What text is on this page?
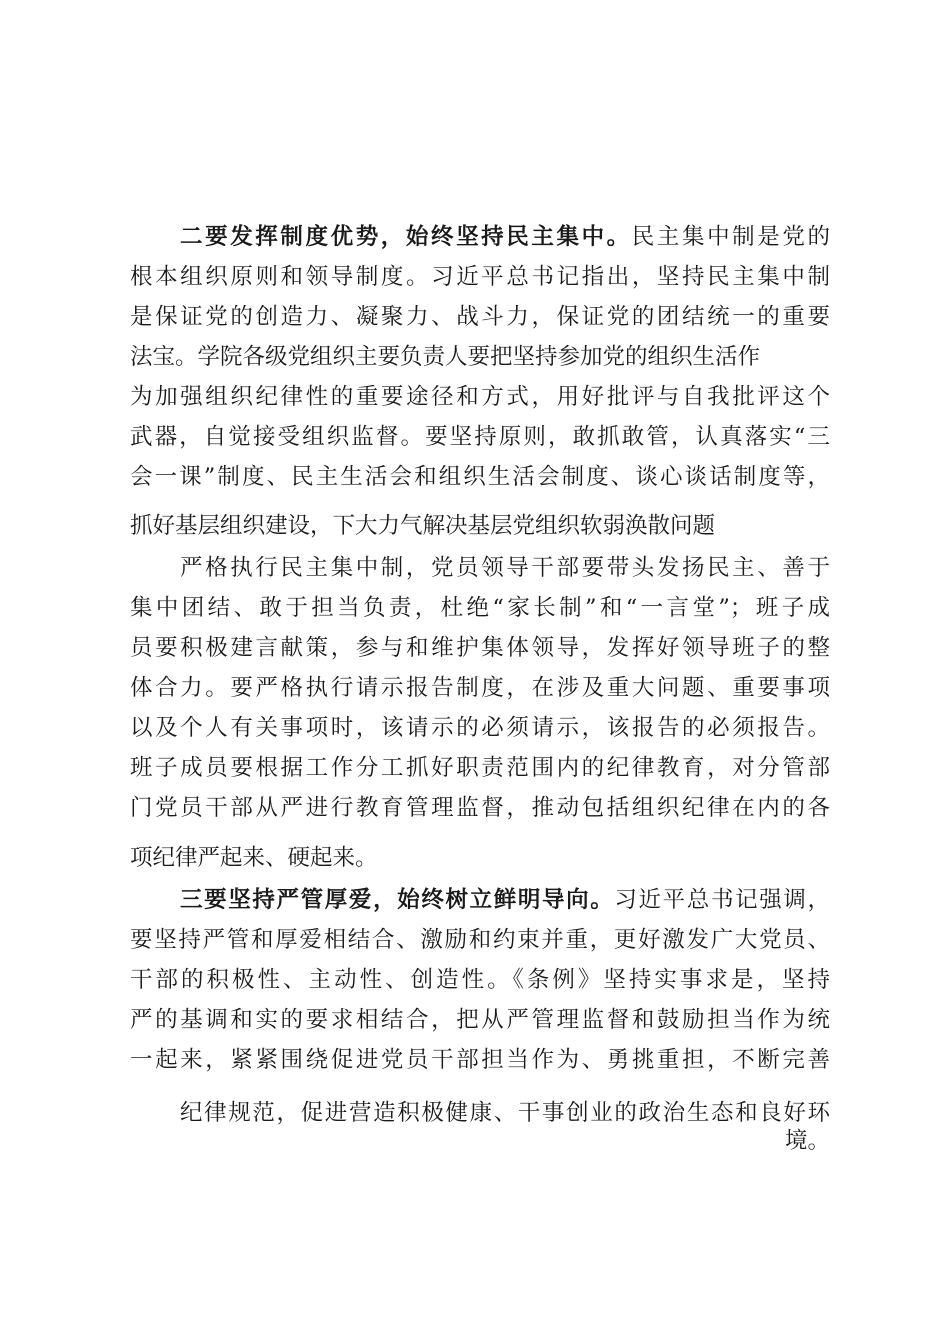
二要发挥制度优势，始终坚持民主集中。民主集中制是党的
根本组织原则和领导制度。习近平总书记指出，坚持民主集中制
是保证党的创造力、凝聚力、战斗力，保证党的团结统一的重要
法宝。学院各级党组织主要负责人要把坚持参加党的组织生活作
为加强组织纪律性的重要途径和方式，用好批评与自我批评这个
武器，自觉接受组织监督。要坚持原则，敢抓敢管，认真落实“三
会一课”制度、民主生活会和组织生活会制度、谈心谈话制度等，
抓好基层组织建设，下大力气解决基层党组织软弱涣散问题
严格执行民主集中制，党员领导干部要带头发扬民主、善于
集中团结、敢于担当负责，杜绝“家长制”和“一言堂”；班子成
员要积极建言献策，参与和维护集体领导，发挥好领导班子的整
体合力。要严格执行请示报告制度，在涉及重大问题、重要事项
以及个人有关事项时，该请示的必须请示，该报告的必须报告。
班子成员要根据工作分工抓好职责范围内的纪律教育，对分管部
门党员干部从严进行教育管理监督，推动包括组织纪律在内的各
项纪律严起来、硬起来。
三要坚持严管厚爱，始终树立鲜明导向。习近平总书记强调，
要坚持严管和厚爱相结合、激励和约束并重，更好激发广大党员、
干部的积极性、主动性、创造性。《条例》坚持实事求是，坚持
严的基调和实的要求相结合，把从严管理监督和鼓励担当作为统
一起来，紧紧围绕促进党员干部担当作为、勇挑重担，不断完善
纪律规范，促进营造积极健康、干事创业的政治生态和良好环
境。
